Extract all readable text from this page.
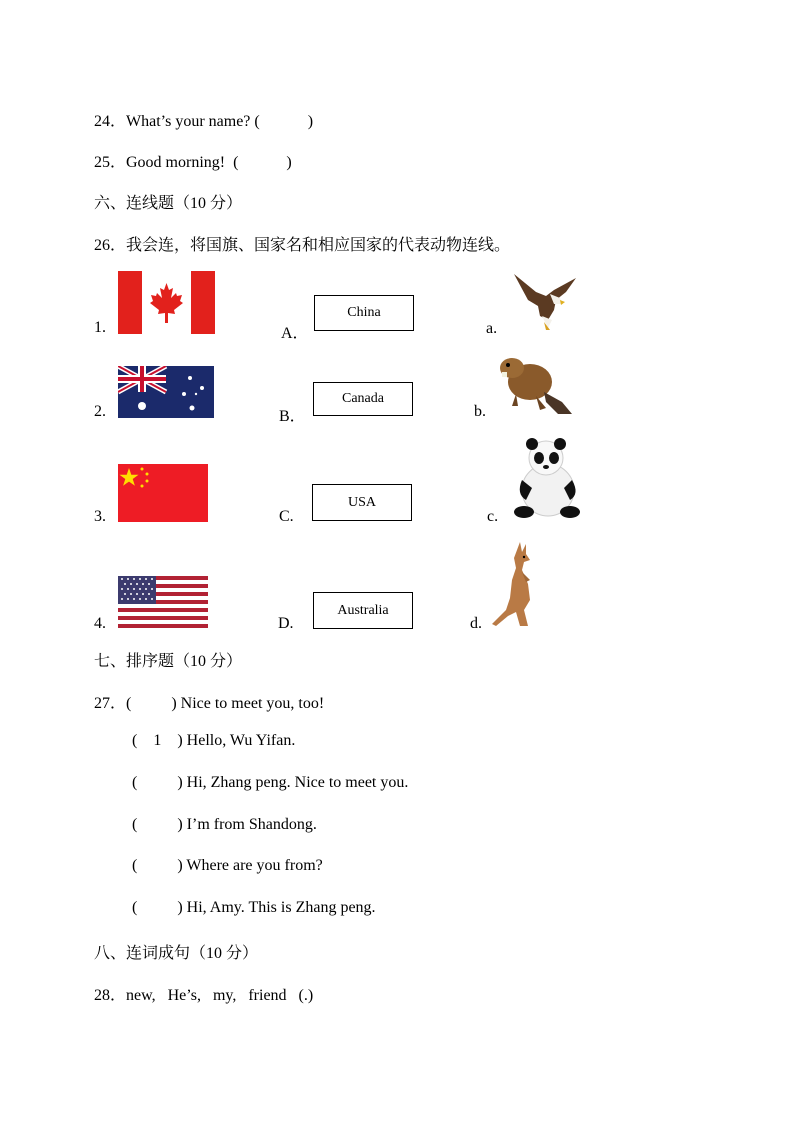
24．What’s your name? (            )
25．Good morning!  (            )
六、连线题（10 分）
26．我会连，将国旗、国家名和相应国家的代表动物连线。
1.	A．
China
a.
2.	B．
Canada
b.
3.	C.
USA
c.
4.	D.
Australia
d.
七、排序题（10 分）
27．(          ) Nice to meet you, too!
(    1    ) Hello, Wu Yifan.
(          ) Hi, Zhang peng. Nice to meet you.
(          ) I’m from Shandong.
(          ) Where are you from?
(          ) Hi, Amy. This is Zhang peng.
八、连词成句（10 分）
28．new,   He’s,   my,   friend   (.)
